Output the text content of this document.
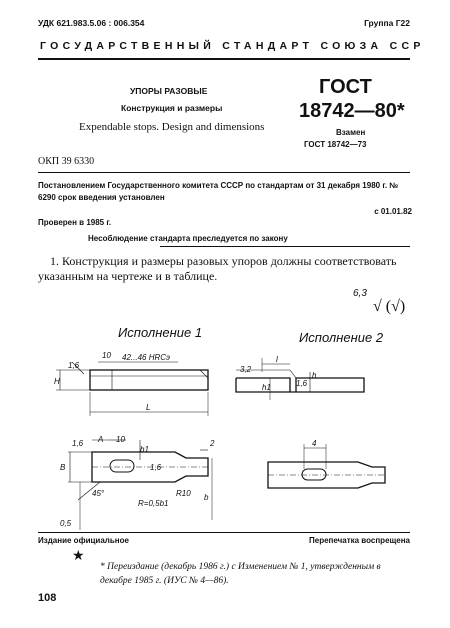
УДК 621.983.5.06 : 006.354	Группа Г22
ГОСУДАРСТВЕННЫЙ СТАНДАРТ СОЮЗА ССР
УПОРЫ РАЗОВЫЕ
Конструкция и размеры
Expendable stops. Design and dimensions
ГОСТ
18742—80*
Взамен
ГОСТ 18742—73
ОКП 39 6330
Постановлением Государственного комитета СССР по стандартам от 31 декабря 1980 г. № 6290 срок введения установлен
с 01.01.82
Проверен в 1985 г.
Несоблюдение стандарта преследуется по закону
1. Конструкция и размеры разовых упоров должны соответствовать указанным на чертеже и в таблице.
6,3
√ (√)
Исполнение 1	Исполнение 2
1,6
10 42...46 HRCэ
H
L
3,2
l
h1	1,6
h
1,6 A 10
b1
2
B	1,6
45°
R=0,5b1
R10 b
0,5
4
Издание официальное	Перепечатка воспрещена
★
* Переиздание (декабрь 1986 г.) с Изменением № 1, утвержденным в декабре 1985 г. (ИУС № 4—86).
108
